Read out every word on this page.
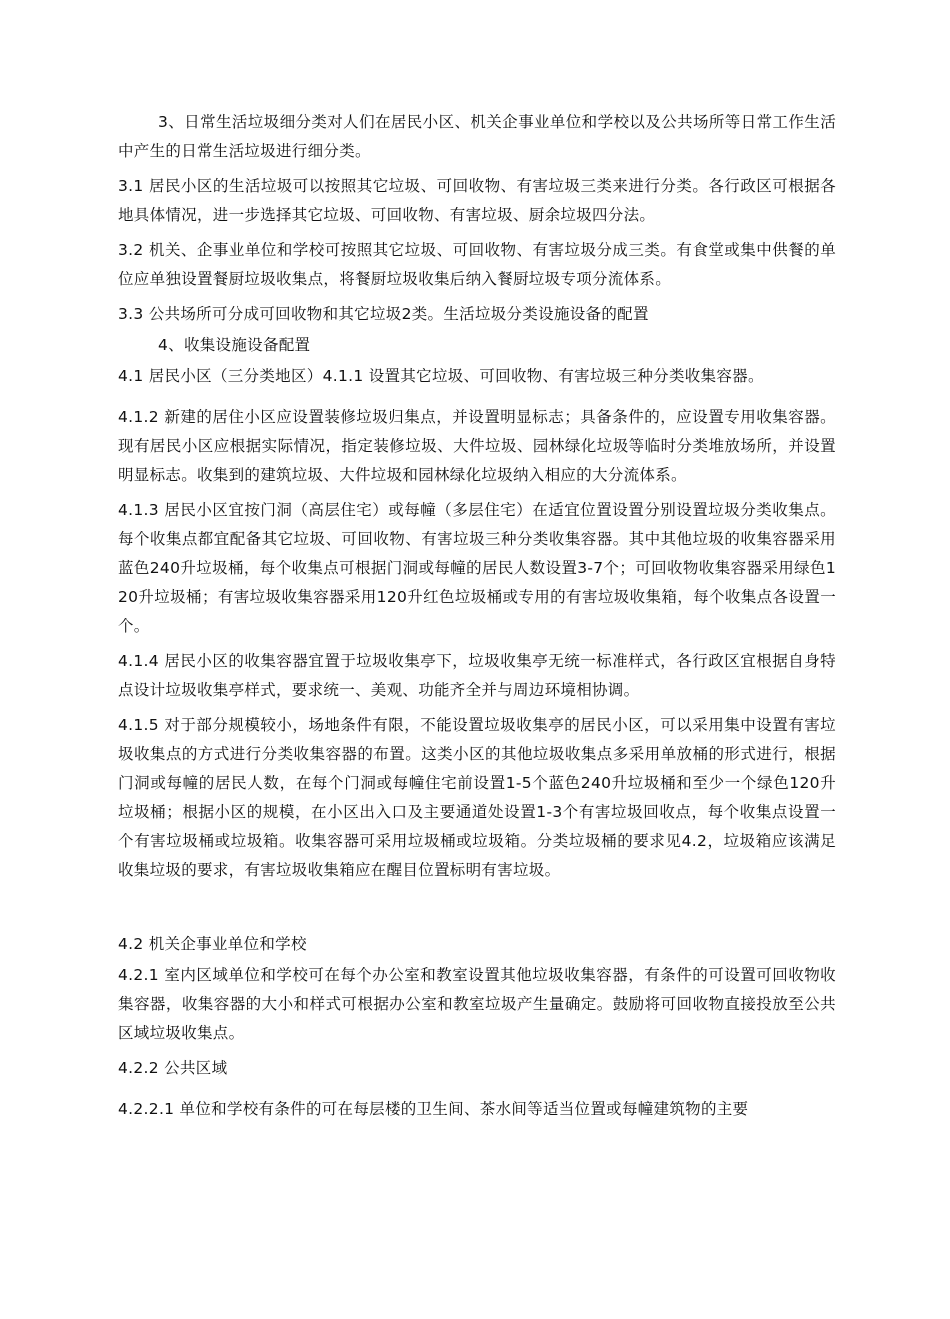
3、日常生活垃圾细分类对人们在居民小区、机关企事业单位和学校以及公共场所等日常工作生活中产生的日常生活垃圾进行细分类。

3.1 居民小区的生活垃圾可以按照其它垃圾、可回收物、有害垃圾三类来进行分类。各行政区可根据各地具体情况，进一步选择其它垃圾、可回收物、有害垃圾、厨余垃圾四分法。

3.2 机关、企事业单位和学校可按照其它垃圾、可回收物、有害垃圾分成三类。有食堂或集中供餐的单位应单独设置餐厨垃圾收集点，将餐厨垃圾收集后纳入餐厨垃圾专项分流体系。

3.3 公共场所可分成可回收物和其它垃圾2类。生活垃圾分类设施设备的配置

4、收集设施设备配置

4.1 居民小区（三分类地区）4.1.1 设置其它垃圾、可回收物、有害垃圾三种分类收集容器。

4.1.2 新建的居住小区应设置装修垃圾归集点，并设置明显标志；具备条件的，应设置专用收集容器。现有居民小区应根据实际情况，指定装修垃圾、大件垃圾、园林绿化垃圾等临时分类堆放场所，并设置明显标志。收集到的建筑垃圾、大件垃圾和园林绿化垃圾纳入相应的大分流体系。

4.1.3 居民小区宜按门洞（高层住宅）或每幢（多层住宅）在适宜位置设置分别设置垃圾分类收集点。每个收集点都宜配备其它垃圾、可回收物、有害垃圾三种分类收集容器。其中其他垃圾的收集容器采用蓝色240升垃圾桶，每个收集点可根据门洞或每幢的居民人数设置3-7个；可回收物收集容器采用绿色120升垃圾桶；有害垃圾收集容器采用120升红色垃圾桶或专用的有害垃圾收集箱，每个收集点各设置一个。

4.1.4 居民小区的收集容器宜置于垃圾收集亭下，垃圾收集亭无统一标准样式，各行政区宜根据自身特点设计垃圾收集亭样式，要求统一、美观、功能齐全并与周边环境相协调。

4.1.5 对于部分规模较小，场地条件有限，不能设置垃圾收集亭的居民小区，可以采用集中设置有害垃圾收集点的方式进行分类收集容器的布置。这类小区的其他垃圾收集点多采用单放桶的形式进行，根据门洞或每幢的居民人数，在每个门洞或每幢住宅前设置1-5个蓝色240升垃圾桶和至少一个绿色120升垃圾桶；根据小区的规模，在小区出入口及主要通道处设置1-3个有害垃圾回收点，每个收集点设置一个有害垃圾桶或垃圾箱。收集容器可采用垃圾桶或垃圾箱。分类垃圾桶的要求见4.2，垃圾箱应该满足收集垃圾的要求，有害垃圾收集箱应在醒目位置标明有害垃圾。

4.2 机关企事业单位和学校

4.2.1 室内区域单位和学校可在每个办公室和教室设置其他垃圾收集容器，有条件的可设置可回收物收集容器，收集容器的大小和样式可根据办公室和教室垃圾产生量确定。鼓励将可回收物直接投放至公共区域垃圾收集点。

4.2.2 公共区域

4.2.2.1 单位和学校有条件的可在每层楼的卫生间、茶水间等适当位置或每幢建筑物的主要
